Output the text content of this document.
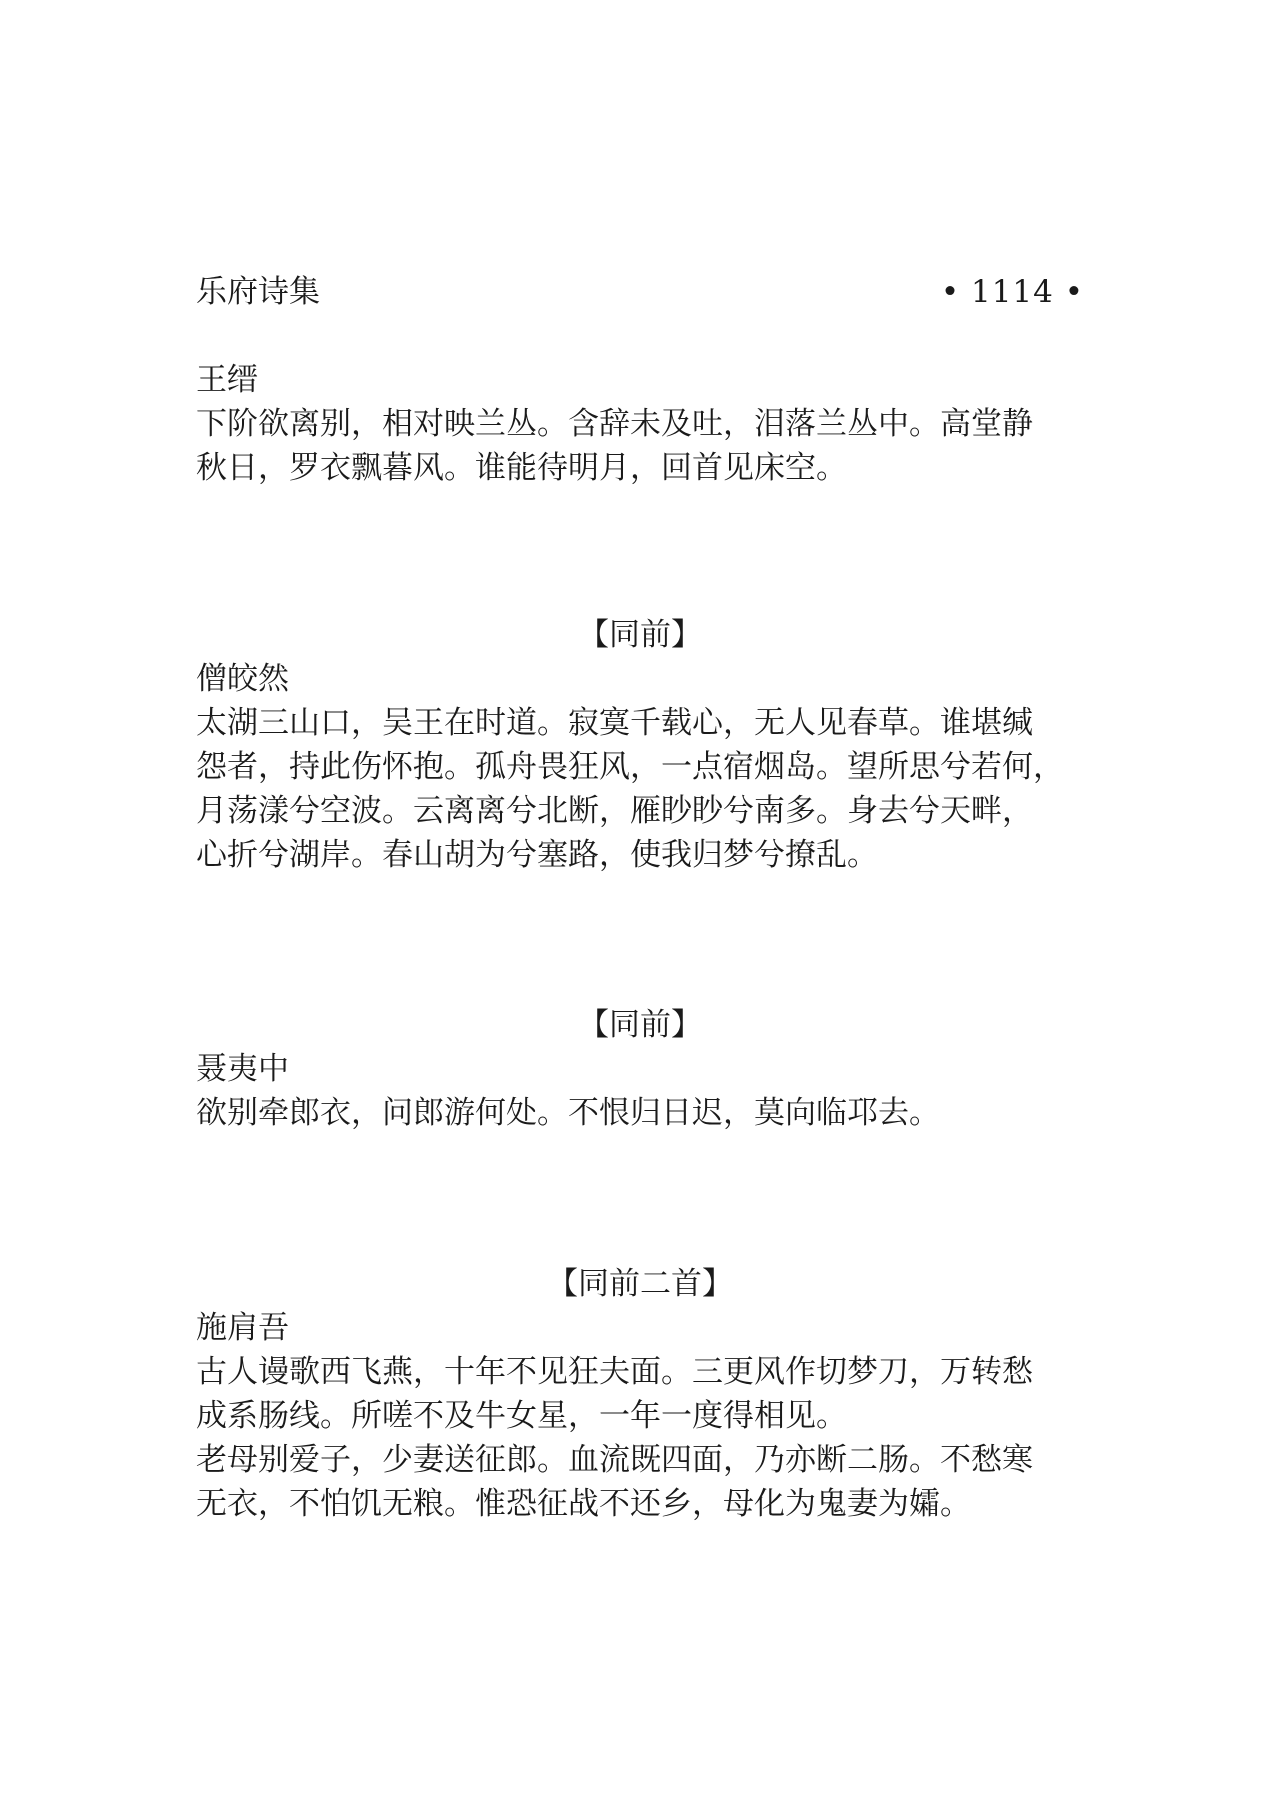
乐府诗集	• 1114 •
王缙
下阶欲离别，相对映兰丛。含辞未及吐，泪落兰丛中。高堂静
秋日，罗衣飘暮风。谁能待明月，回首见床空。
【同前】
僧皎然
太湖三山口，吴王在时道。寂寞千载心，无人见春草。谁堪缄
怨者，持此伤怀抱。孤舟畏狂风，一点宿烟岛。望所思兮若何，
月荡漾兮空波。云离离兮北断，雁眇眇兮南多。身去兮天畔，
心折兮湖岸。春山胡为兮塞路，使我归梦兮撩乱。
【同前】
聂夷中
欲别牵郎衣，问郎游何处。不恨归日迟，莫向临邛去。
【同前二首】
施肩吾
古人谩歌西飞燕，十年不见狂夫面。三更风作切梦刀，万转愁
成系肠线。所嗟不及牛女星，一年一度得相见。
老母别爱子，少妻送征郎。血流既四面，乃亦断二肠。不愁寒
无衣，不怕饥无粮。惟恐征战不还乡，母化为鬼妻为孀。
